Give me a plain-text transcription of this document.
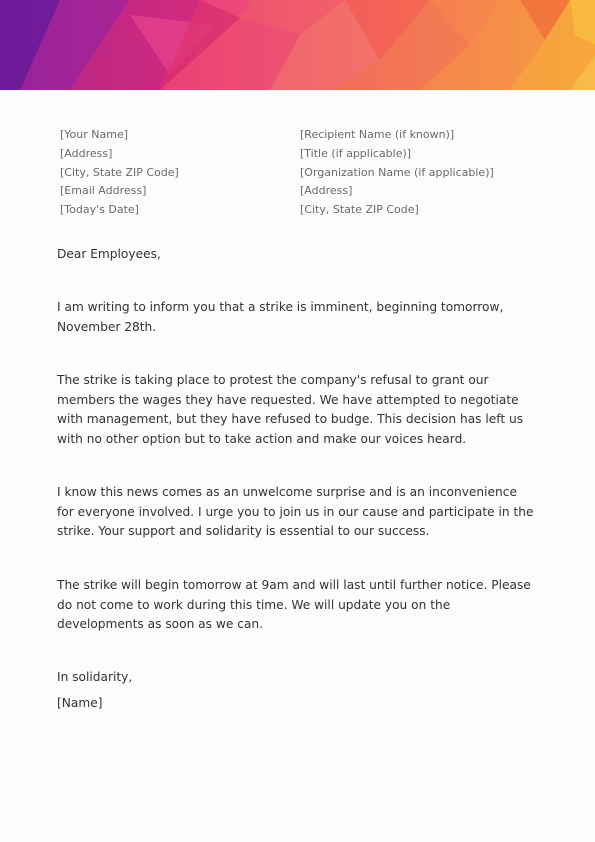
[Your Name]
[Address]
[City, State ZIP Code]
[Email Address]
[Today's Date]
[Recipient Name (if known)]
[Title (if applicable)]
[Organization Name (if applicable)]
[Address]
[City, State ZIP Code]
Dear Employees,
I am writing to inform you that a strike is imminent, beginning tomorrow, November 28th.
The strike is taking place to protest the company's refusal to grant our members the wages they have requested. We have attempted to negotiate with management, but they have refused to budge. This decision has left us with no other option but to take action and make our voices heard.
I know this news comes as an unwelcome surprise and is an inconvenience for everyone involved. I urge you to join us in our cause and participate in the strike. Your support and solidarity is essential to our success.
The strike will begin tomorrow at 9am and will last until further notice. Please do not come to work during this time. We will update you on the developments as soon as we can.
In solidarity,
[Name]
